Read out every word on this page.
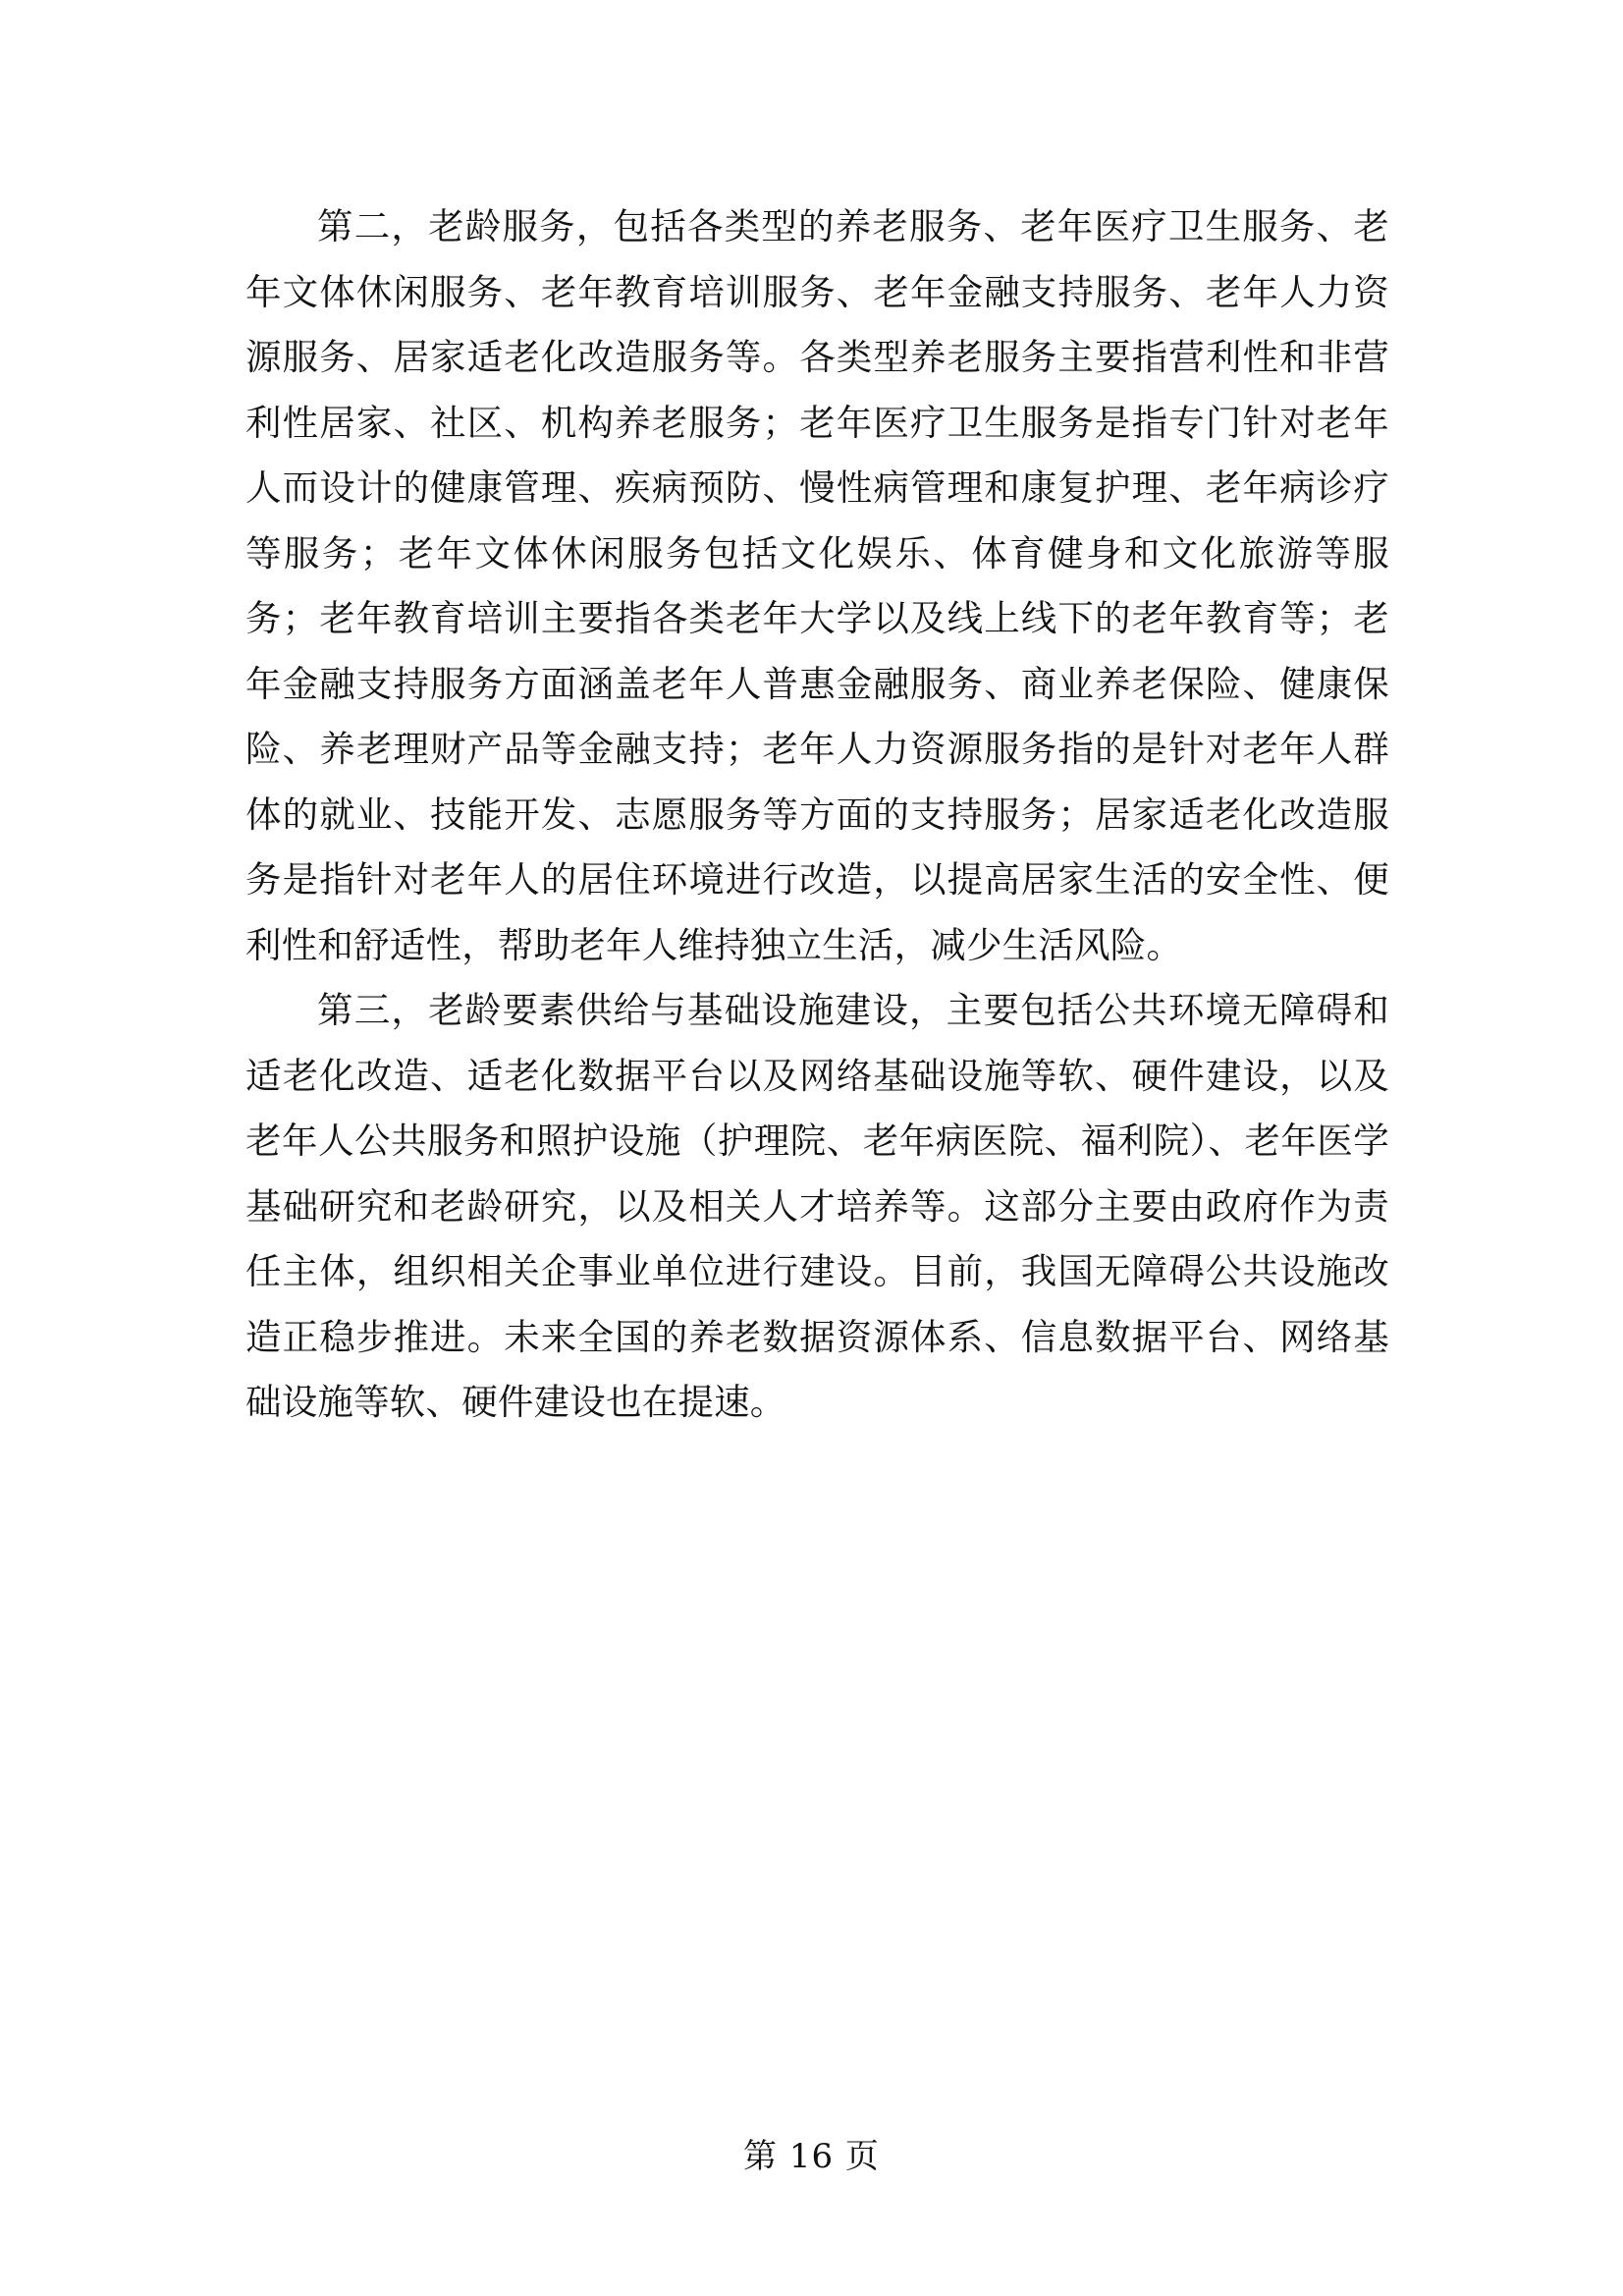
第二，老龄服务，包括各类型的养老服务、老年医疗卫生服务、老年文体休闲服务、老年教育培训服务、老年金融支持服务、老年人力资源服务、居家适老化改造服务等。各类型养老服务主要指营利性和非营利性居家、社区、机构养老服务；老年医疗卫生服务是指专门针对老年人而设计的健康管理、疾病预防、慢性病管理和康复护理、老年病诊疗等服务；老年文体休闲服务包括文化娱乐、体育健身和文化旅游等服务；老年教育培训主要指各类老年大学以及线上线下的老年教育等；老年金融支持服务方面涵盖老年人普惠金融服务、商业养老保险、健康保险、养老理财产品等金融支持；老年人力资源服务指的是针对老年人群体的就业、技能开发、志愿服务等方面的支持服务；居家适老化改造服务是指针对老年人的居住环境进行改造，以提高居家生活的安全性、便利性和舒适性，帮助老年人维持独立生活，减少生活风险。

第三，老龄要素供给与基础设施建设，主要包括公共环境无障碍和适老化改造、适老化数据平台以及网络基础设施等软、硬件建设，以及老年人公共服务和照护设施（护理院、老年病医院、福利院）、老年医学基础研究和老龄研究，以及相关人才培养等。这部分主要由政府作为责任主体，组织相关企事业单位进行建设。目前，我国无障碍公共设施改造正稳步推进。未来全国的养老数据资源体系、信息数据平台、网络基础设施等软、硬件建设也在提速。

第 16 页
